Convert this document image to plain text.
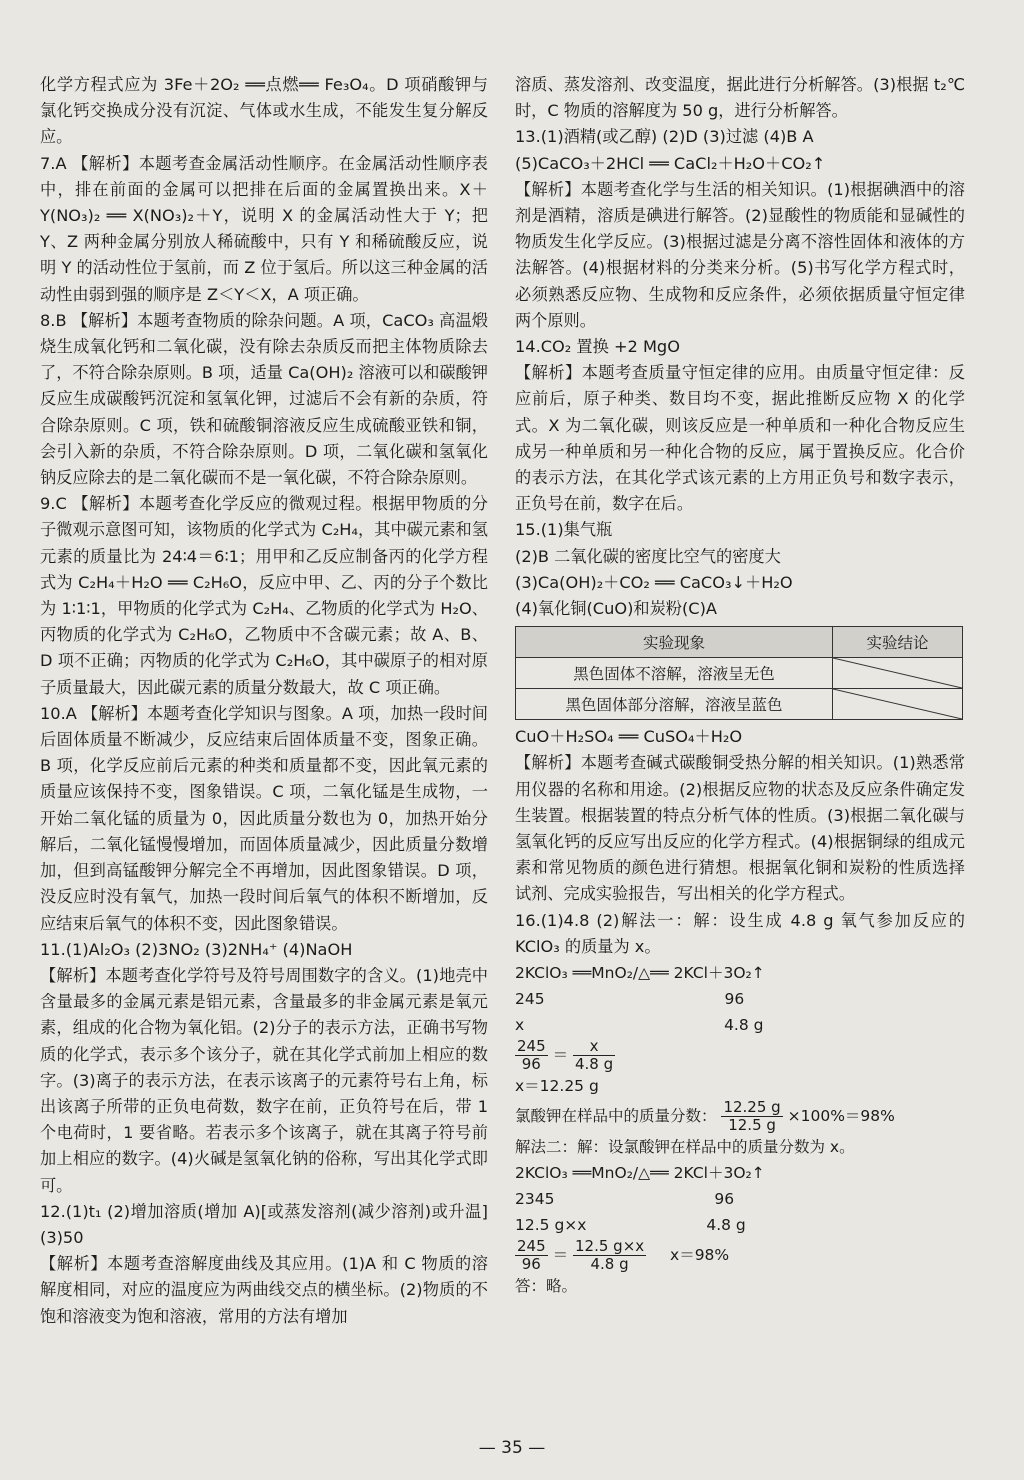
化学方程式应为 3Fe＋2O₂ ══点燃══ Fe₃O₄。D 项硝酸钾与氯化钙交换成分没有沉淀、气体或水生成，不能发生复分解反应。

7.A 【解析】本题考查金属活动性顺序。在金属活动性顺序表中，排在前面的金属可以把排在后面的金属置换出来。X＋Y(NO₃)₂ ══ X(NO₃)₂＋Y，说明 X 的金属活动性大于 Y；把 Y、Z 两种金属分别放人稀硫酸中，只有 Y 和稀硫酸反应，说明 Y 的活动性位于氢前，而 Z 位于氢后。所以这三种金属的活动性由弱到强的顺序是 Z＜Y＜X，A 项正确。

8.B 【解析】本题考查物质的除杂问题。A 项，CaCO₃ 高温煅烧生成氧化钙和二氧化碳，没有除去杂质反而把主体物质除去了，不符合除杂原则。B 项，适量 Ca(OH)₂ 溶液可以和碳酸钾反应生成碳酸钙沉淀和氢氧化钾，过滤后不会有新的杂质，符合除杂原则。C 项，铁和硫酸铜溶液反应生成硫酸亚铁和铜，会引入新的杂质，不符合除杂原则。D 项，二氧化碳和氢氧化钠反应除去的是二氧化碳而不是一氧化碳，不符合除杂原则。

9.C 【解析】本题考查化学反应的微观过程。根据甲物质的分子微观示意图可知，该物质的化学式为 C₂H₄，其中碳元素和氢元素的质量比为 24∶4＝6∶1；用甲和乙反应制备丙的化学方程式为 C₂H₄＋H₂O ══ C₂H₆O，反应中甲、乙、丙的分子个数比为 1∶1∶1，甲物质的化学式为 C₂H₄、乙物质的化学式为 H₂O、丙物质的化学式为 C₂H₆O，乙物质中不含碳元素；故 A、B、D 项不正确；丙物质的化学式为 C₂H₆O，其中碳原子的相对原子质量最大，因此碳元素的质量分数最大，故 C 项正确。

10.A 【解析】本题考查化学知识与图象。A 项，加热一段时间后固体质量不断减少，反应结束后固体质量不变，图象正确。B 项，化学反应前后元素的种类和质量都不变，因此氧元素的质量应该保持不变，图象错误。C 项，二氧化锰是生成物，一开始二氧化锰的质量为 0，因此质量分数也为 0，加热开始分解后，二氧化锰慢慢增加，而固体质量减少，因此质量分数增加，但到高锰酸钾分解完全不再增加，因此图象错误。D 项，没反应时没有氧气，加热一段时间后氧气的体积不断增加，反应结束后氧气的体积不变，因此图象错误。

11.(1)Al₂O₃ (2)3NO₂ (3)2NH₄⁺ (4)NaOH

【解析】本题考查化学符号及符号周围数字的含义。(1)地壳中含量最多的金属元素是铝元素，含量最多的非金属元素是氧元素，组成的化合物为氧化铝。(2)分子的表示方法，正确书写物质的化学式，表示多个该分子，就在其化学式前加上相应的数字。(3)离子的表示方法，在表示该离子的元素符号右上角，标出该离子所带的正负电荷数，数字在前，正负符号在后，带 1 个电荷时，1 要省略。若表示多个该离子，就在其离子符号前加上相应的数字。(4)火碱是氢氧化钠的俗称，写出其化学式即可。

12.(1)t₁ (2)增加溶质(增加 A)[或蒸发溶剂(减少溶剂)或升温] (3)50

【解析】本题考查溶解度曲线及其应用。(1)A 和 C 物质的溶解度相同，对应的温度应为两曲线交点的横坐标。(2)物质的不饱和溶液变为饱和溶液，常用的方法有增加

溶质、蒸发溶剂、改变温度，据此进行分析解答。(3)根据 t₂℃时，C 物质的溶解度为 50 g，进行分析解答。

13.(1)酒精(或乙醇) (2)D (3)过滤 (4)B A

(5)CaCO₃＋2HCl ══ CaCl₂＋H₂O＋CO₂↑

【解析】本题考查化学与生活的相关知识。(1)根据碘酒中的溶剂是酒精，溶质是碘进行解答。(2)显酸性的物质能和显碱性的物质发生化学反应。(3)根据过滤是分离不溶性固体和液体的方法解答。(4)根据材料的分类来分析。(5)书写化学方程式时，必须熟悉反应物、生成物和反应条件，必须依据质量守恒定律两个原则。

14.CO₂ 置换 +2 MgO

【解析】本题考查质量守恒定律的应用。由质量守恒定律：反应前后，原子种类、数目均不变，据此推断反应物 X 的化学式。X 为二氧化碳，则该反应是一种单质和一种化合物反应生成另一种单质和另一种化合物的反应，属于置换反应。化合价的表示方法，在其化学式该元素的上方用正负号和数字表示，正负号在前，数字在后。

15.(1)集气瓶

(2)B 二氧化碳的密度比空气的密度大

(3)Ca(OH)₂＋CO₂ ══ CaCO₃↓＋H₂O

(4)氧化铜(CuO)和炭粉(C)A

实验现象	实验结论
黑色固体不溶解，溶液呈无色	

黑色固体部分溶解，溶液呈蓝色	

CuO＋H₂SO₄ ══ CuSO₄＋H₂O

【解析】本题考查碱式碳酸铜受热分解的相关知识。(1)熟悉常用仪器的名称和用途。(2)根据反应物的状态及反应条件确定发生装置。根据装置的特点分析气体的性质。(3)根据二氧化碳与氢氧化钙的反应写出反应的化学方程式。(4)根据铜绿的组成元素和常见物质的颜色进行猜想。根据氧化铜和炭粉的性质选择试剂、完成实验报告，写出相关的化学方程式。

16.(1)4.8 (2)解法一：解：设生成 4.8 g 氧气参加反应的 KClO₃ 的质量为 x。

2KClO₃ ══MnO₂/△══ 2KCl＋3O₂↑

245	96

x	4.8 g

$\frac{245}{96} = \frac{x}{4.8 g}$

x＝12.25 g

氯酸钾在样品中的质量分数： $\frac{12.25 g}{12.5 g} \times 100\%=98\%$

解法二：解：设氯酸钾在样品中的质量分数为 x。

2KClO₃ ══MnO₂/△══ 2KCl＋3O₂↑

2345	96

12.5 g×x	4.8 g

$\frac{245}{96} = \frac{12.5 g\times x}{4.8 g} x=98\%$

答：略。

— 35 —
